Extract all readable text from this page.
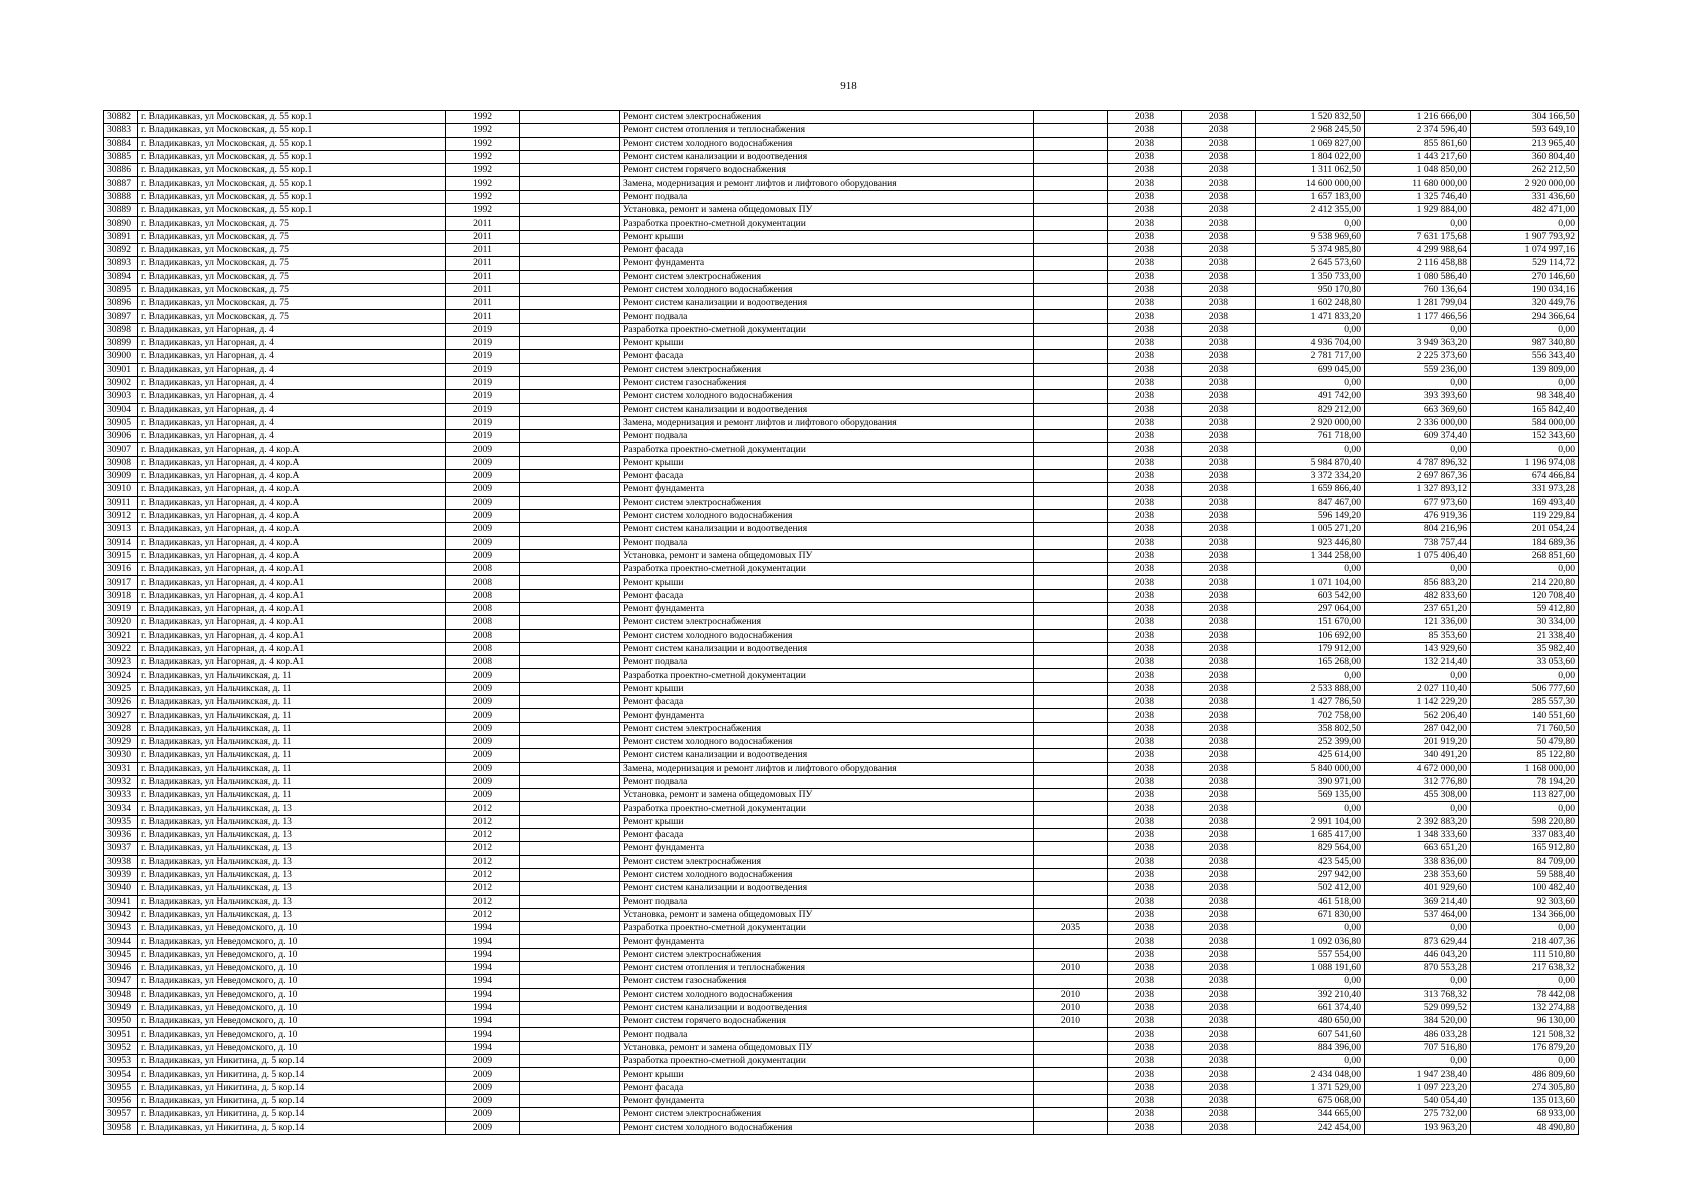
918
30882	г. Владикавказ, ул Московская, д. 55 кор.1	1992		Ремонт систем электроснабжения		2038	2038	1 520 832,50	1 216 666,00	304 166,50
30883	г. Владикавказ, ул Московская, д. 55 кор.1	1992		Ремонт систем отопления и теплоснабжения		2038	2038	2 968 245,50	2 374 596,40	593 649,10
30884	г. Владикавказ, ул Московская, д. 55 кор.1	1992		Ремонт систем холодного водоснабжения		2038	2038	1 069 827,00	855 861,60	213 965,40
30885	г. Владикавказ, ул Московская, д. 55 кор.1	1992		Ремонт систем канализации и водоотведения		2038	2038	1 804 022,00	1 443 217,60	360 804,40
30886	г. Владикавказ, ул Московская, д. 55 кор.1	1992		Ремонт систем горячего водоснабжения		2038	2038	1 311 062,50	1 048 850,00	262 212,50
30887	г. Владикавказ, ул Московская, д. 55 кор.1	1992		Замена, модернизация и ремонт лифтов и лифтового оборудования		2038	2038	14 600 000,00	11 680 000,00	2 920 000,00
30888	г. Владикавказ, ул Московская, д. 55 кор.1	1992		Ремонт подвала		2038	2038	1 657 183,00	1 325 746,40	331 436,60
30889	г. Владикавказ, ул Московская, д. 55 кор.1	1992		Установка, ремонт и замена общедомовых ПУ		2038	2038	2 412 355,00	1 929 884,00	482 471,00
30890	г. Владикавказ, ул Московская, д. 75	2011		Разработка проектно-сметной документации		2038	2038	0,00	0,00	0,00
30891	г. Владикавказ, ул Московская, д. 75	2011		Ремонт крыши		2038	2038	9 538 969,60	7 631 175,68	1 907 793,92
30892	г. Владикавказ, ул Московская, д. 75	2011		Ремонт фасада		2038	2038	5 374 985,80	4 299 988,64	1 074 997,16
30893	г. Владикавказ, ул Московская, д. 75	2011		Ремонт фундамента		2038	2038	2 645 573,60	2 116 458,88	529 114,72
30894	г. Владикавказ, ул Московская, д. 75	2011		Ремонт систем электроснабжения		2038	2038	1 350 733,00	1 080 586,40	270 146,60
30895	г. Владикавказ, ул Московская, д. 75	2011		Ремонт систем холодного водоснабжения		2038	2038	950 170,80	760 136,64	190 034,16
30896	г. Владикавказ, ул Московская, д. 75	2011		Ремонт систем канализации и водоотведения		2038	2038	1 602 248,80	1 281 799,04	320 449,76
30897	г. Владикавказ, ул Московская, д. 75	2011		Ремонт подвала		2038	2038	1 471 833,20	1 177 466,56	294 366,64
30898	г. Владикавказ, ул Нагорная, д. 4	2019		Разработка проектно-сметной документации		2038	2038	0,00	0,00	0,00
30899	г. Владикавказ, ул Нагорная, д. 4	2019		Ремонт крыши		2038	2038	4 936 704,00	3 949 363,20	987 340,80
30900	г. Владикавказ, ул Нагорная, д. 4	2019		Ремонт фасада		2038	2038	2 781 717,00	2 225 373,60	556 343,40
30901	г. Владикавказ, ул Нагорная, д. 4	2019		Ремонт систем электроснабжения		2038	2038	699 045,00	559 236,00	139 809,00
30902	г. Владикавказ, ул Нагорная, д. 4	2019		Ремонт систем газоснабжения		2038	2038	0,00	0,00	0,00
30903	г. Владикавказ, ул Нагорная, д. 4	2019		Ремонт систем холодного водоснабжения		2038	2038	491 742,00	393 393,60	98 348,40
30904	г. Владикавказ, ул Нагорная, д. 4	2019		Ремонт систем канализации и водоотведения		2038	2038	829 212,00	663 369,60	165 842,40
30905	г. Владикавказ, ул Нагорная, д. 4	2019		Замена, модернизация и ремонт лифтов и лифтового оборудования		2038	2038	2 920 000,00	2 336 000,00	584 000,00
30906	г. Владикавказ, ул Нагорная, д. 4	2019		Ремонт подвала		2038	2038	761 718,00	609 374,40	152 343,60
30907	г. Владикавказ, ул Нагорная, д. 4 кор.А	2009		Разработка проектно-сметной документации		2038	2038	0,00	0,00	0,00
30908	г. Владикавказ, ул Нагорная, д. 4 кор.А	2009		Ремонт крыши		2038	2038	5 984 870,40	4 787 896,32	1 196 974,08
30909	г. Владикавказ, ул Нагорная, д. 4 кор.А	2009		Ремонт фасада		2038	2038	3 372 334,20	2 697 867,36	674 466,84
30910	г. Владикавказ, ул Нагорная, д. 4 кор.А	2009		Ремонт фундамента		2038	2038	1 659 866,40	1 327 893,12	331 973,28
30911	г. Владикавказ, ул Нагорная, д. 4 кор.А	2009		Ремонт систем электроснабжения		2038	2038	847 467,00	677 973,60	169 493,40
30912	г. Владикавказ, ул Нагорная, д. 4 кор.А	2009		Ремонт систем холодного водоснабжения		2038	2038	596 149,20	476 919,36	119 229,84
30913	г. Владикавказ, ул Нагорная, д. 4 кор.А	2009		Ремонт систем канализации и водоотведения		2038	2038	1 005 271,20	804 216,96	201 054,24
30914	г. Владикавказ, ул Нагорная, д. 4 кор.А	2009		Ремонт подвала		2038	2038	923 446,80	738 757,44	184 689,36
30915	г. Владикавказ, ул Нагорная, д. 4 кор.А	2009		Установка, ремонт и замена общедомовых ПУ		2038	2038	1 344 258,00	1 075 406,40	268 851,60
30916	г. Владикавказ, ул Нагорная, д. 4 кор.А1	2008		Разработка проектно-сметной документации		2038	2038	0,00	0,00	0,00
30917	г. Владикавказ, ул Нагорная, д. 4 кор.А1	2008		Ремонт крыши		2038	2038	1 071 104,00	856 883,20	214 220,80
30918	г. Владикавказ, ул Нагорная, д. 4 кор.А1	2008		Ремонт фасада		2038	2038	603 542,00	482 833,60	120 708,40
30919	г. Владикавказ, ул Нагорная, д. 4 кор.А1	2008		Ремонт фундамента		2038	2038	297 064,00	237 651,20	59 412,80
30920	г. Владикавказ, ул Нагорная, д. 4 кор.А1	2008		Ремонт систем электроснабжения		2038	2038	151 670,00	121 336,00	30 334,00
30921	г. Владикавказ, ул Нагорная, д. 4 кор.А1	2008		Ремонт систем холодного водоснабжения		2038	2038	106 692,00	85 353,60	21 338,40
30922	г. Владикавказ, ул Нагорная, д. 4 кор.А1	2008		Ремонт систем канализации и водоотведения		2038	2038	179 912,00	143 929,60	35 982,40
30923	г. Владикавказ, ул Нагорная, д. 4 кор.А1	2008		Ремонт подвала		2038	2038	165 268,00	132 214,40	33 053,60
30924	г. Владикавказ, ул Нальчикская, д. 11	2009		Разработка проектно-сметной документации		2038	2038	0,00	0,00	0,00
30925	г. Владикавказ, ул Нальчикская, д. 11	2009		Ремонт крыши		2038	2038	2 533 888,00	2 027 110,40	506 777,60
30926	г. Владикавказ, ул Нальчикская, д. 11	2009		Ремонт фасада		2038	2038	1 427 786,50	1 142 229,20	285 557,30
30927	г. Владикавказ, ул Нальчикская, д. 11	2009		Ремонт фундамента		2038	2038	702 758,00	562 206,40	140 551,60
30928	г. Владикавказ, ул Нальчикская, д. 11	2009		Ремонт систем электроснабжения		2038	2038	358 802,50	287 042,00	71 760,50
30929	г. Владикавказ, ул Нальчикская, д. 11	2009		Ремонт систем холодного водоснабжения		2038	2038	252 399,00	201 919,20	50 479,80
30930	г. Владикавказ, ул Нальчикская, д. 11	2009		Ремонт систем канализации и водоотведения		2038	2038	425 614,00	340 491,20	85 122,80
30931	г. Владикавказ, ул Нальчикская, д. 11	2009		Замена, модернизация и ремонт лифтов и лифтового оборудования		2038	2038	5 840 000,00	4 672 000,00	1 168 000,00
30932	г. Владикавказ, ул Нальчикская, д. 11	2009		Ремонт подвала		2038	2038	390 971,00	312 776,80	78 194,20
30933	г. Владикавказ, ул Нальчикская, д. 11	2009		Установка, ремонт и замена общедомовых ПУ		2038	2038	569 135,00	455 308,00	113 827,00
30934	г. Владикавказ, ул Нальчикская, д. 13	2012		Разработка проектно-сметной документации		2038	2038	0,00	0,00	0,00
30935	г. Владикавказ, ул Нальчикская, д. 13	2012		Ремонт крыши		2038	2038	2 991 104,00	2 392 883,20	598 220,80
30936	г. Владикавказ, ул Нальчикская, д. 13	2012		Ремонт фасада		2038	2038	1 685 417,00	1 348 333,60	337 083,40
30937	г. Владикавказ, ул Нальчикская, д. 13	2012		Ремонт фундамента		2038	2038	829 564,00	663 651,20	165 912,80
30938	г. Владикавказ, ул Нальчикская, д. 13	2012		Ремонт систем электроснабжения		2038	2038	423 545,00	338 836,00	84 709,00
30939	г. Владикавказ, ул Нальчикская, д. 13	2012		Ремонт систем холодного водоснабжения		2038	2038	297 942,00	238 353,60	59 588,40
30940	г. Владикавказ, ул Нальчикская, д. 13	2012		Ремонт систем канализации и водоотведения		2038	2038	502 412,00	401 929,60	100 482,40
30941	г. Владикавказ, ул Нальчикская, д. 13	2012		Ремонт подвала		2038	2038	461 518,00	369 214,40	92 303,60
30942	г. Владикавказ, ул Нальчикская, д. 13	2012		Установка, ремонт и замена общедомовых ПУ		2038	2038	671 830,00	537 464,00	134 366,00
30943	г. Владикавказ, ул Неведомского, д. 10	1994		Разработка проектно-сметной документации	2035	2038	2038	0,00	0,00	0,00
30944	г. Владикавказ, ул Неведомского, д. 10	1994		Ремонт фундамента		2038	2038	1 092 036,80	873 629,44	218 407,36
30945	г. Владикавказ, ул Неведомского, д. 10	1994		Ремонт систем электроснабжения		2038	2038	557 554,00	446 043,20	111 510,80
30946	г. Владикавказ, ул Неведомского, д. 10	1994		Ремонт систем отопления и теплоснабжения	2010	2038	2038	1 088 191,60	870 553,28	217 638,32
30947	г. Владикавказ, ул Неведомского, д. 10	1994		Ремонт систем газоснабжения		2038	2038	0,00	0,00	0,00
30948	г. Владикавказ, ул Неведомского, д. 10	1994		Ремонт систем холодного водоснабжения	2010	2038	2038	392 210,40	313 768,32	78 442,08
30949	г. Владикавказ, ул Неведомского, д. 10	1994		Ремонт систем канализации и водоотведения	2010	2038	2038	661 374,40	529 099,52	132 274,88
30950	г. Владикавказ, ул Неведомского, д. 10	1994		Ремонт систем горячего водоснабжения	2010	2038	2038	480 650,00	384 520,00	96 130,00
30951	г. Владикавказ, ул Неведомского, д. 10	1994		Ремонт подвала		2038	2038	607 541,60	486 033,28	121 508,32
30952	г. Владикавказ, ул Неведомского, д. 10	1994		Установка, ремонт и замена общедомовых ПУ		2038	2038	884 396,00	707 516,80	176 879,20
30953	г. Владикавказ, ул Никитина, д. 5 кор.14	2009		Разработка проектно-сметной документации		2038	2038	0,00	0,00	0,00
30954	г. Владикавказ, ул Никитина, д. 5 кор.14	2009		Ремонт крыши		2038	2038	2 434 048,00	1 947 238,40	486 809,60
30955	г. Владикавказ, ул Никитина, д. 5 кор.14	2009		Ремонт фасада		2038	2038	1 371 529,00	1 097 223,20	274 305,80
30956	г. Владикавказ, ул Никитина, д. 5 кор.14	2009		Ремонт фундамента		2038	2038	675 068,00	540 054,40	135 013,60
30957	г. Владикавказ, ул Никитина, д. 5 кор.14	2009		Ремонт систем электроснабжения		2038	2038	344 665,00	275 732,00	68 933,00
30958	г. Владикавказ, ул Никитина, д. 5 кор.14	2009		Ремонт систем холодного водоснабжения		2038	2038	242 454,00	193 963,20	48 490,80
